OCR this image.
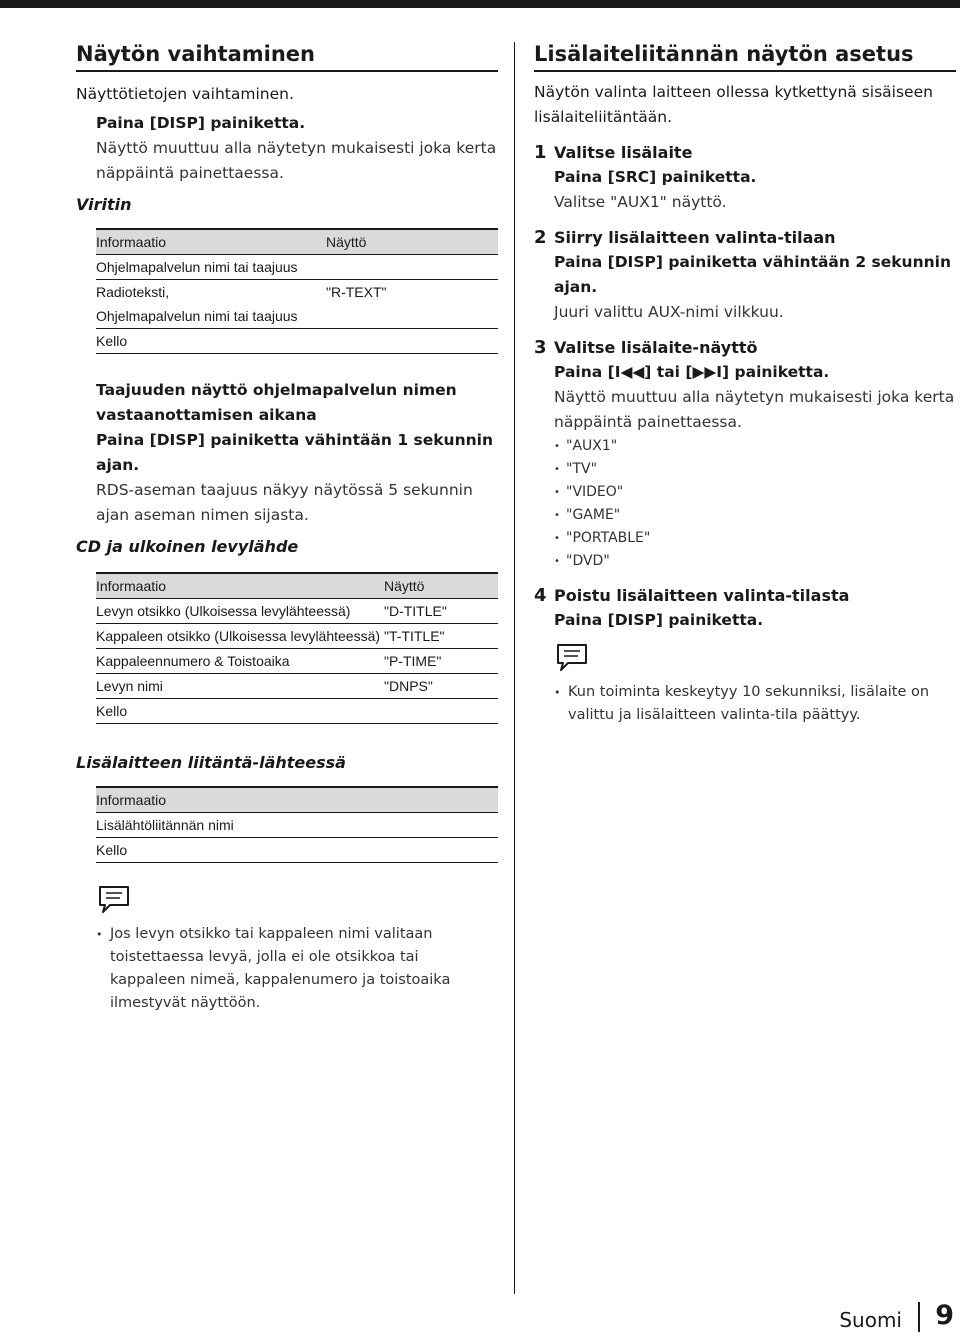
Näytön vaihtaminen

Näyttötietojen vaihtaminen.

Paina [DISP] painiketta.

Näyttö muuttuu alla näytetyn mukaisesti joka kerta näppäintä painettaessa.

Viritin
Informaatio	Näyttö
Ohjelmapalvelun nimi tai taajuus	
Radioteksti,
Ohjelmapalvelun nimi tai taajuus	"R-TEXT"
Kello	

Taajuuden näyttö ohjelmapalvelun nimen vastaanottamisen aikana

Paina [DISP] painiketta vähintään 1 sekunnin ajan.

RDS-aseman taajuus näkyy näytössä 5 sekunnin ajan aseman nimen sijasta.

CD ja ulkoinen levylähde
Informaatio	Näyttö
Levyn otsikko (Ulkoisessa levylähteessä)	"D-TITLE"
Kappaleen otsikko (Ulkoisessa levylähteessä)	"T-TITLE"
Kappaleennumero & Toistoaika	"P-TIME"
Levyn nimi	"DNPS"
Kello	
Lisälaitteen liitäntä-lähteessä
Informaatio
Lisälähtöliitännän nimi
Kello
• Jos levyn otsikko tai kappaleen nimi valitaan toistettaessa levyä, jolla ei ole otsikkoa tai kappaleen nimeä, kappalenumero ja toistoaika ilmestyvät näyttöön.
Lisälaiteliitännän näytön asetus

Näytön valinta laitteen ollessa kytkettynä sisäiseen lisälaiteliitäntään.

1 Valitse lisälaite

Paina [SRC] painiketta.

Valitse "AUX1" näyttö.

2 Siirry lisälaitteen valinta-tilaan

Paina [DISP] painiketta vähintään 2 sekunnin ajan.

Juuri valittu AUX-nimi vilkkuu.

3 Valitse lisälaite-näyttö

Paina [I◀◀] tai [▶▶I] painiketta.

Näyttö muuttuu alla näytetyn mukaisesti joka kerta näppäintä painettaessa.

• "AUX1"
• "TV"
• "VIDEO"
• "GAME"
• "PORTABLE"
• "DVD"
4 Poistu lisälaitteen valinta-tilasta

Paina [DISP] painiketta.

• Kun toiminta keskeytyy 10 sekunniksi, lisälaite on valittu ja lisälaitteen valinta-tila päättyy.
Suomi 9
